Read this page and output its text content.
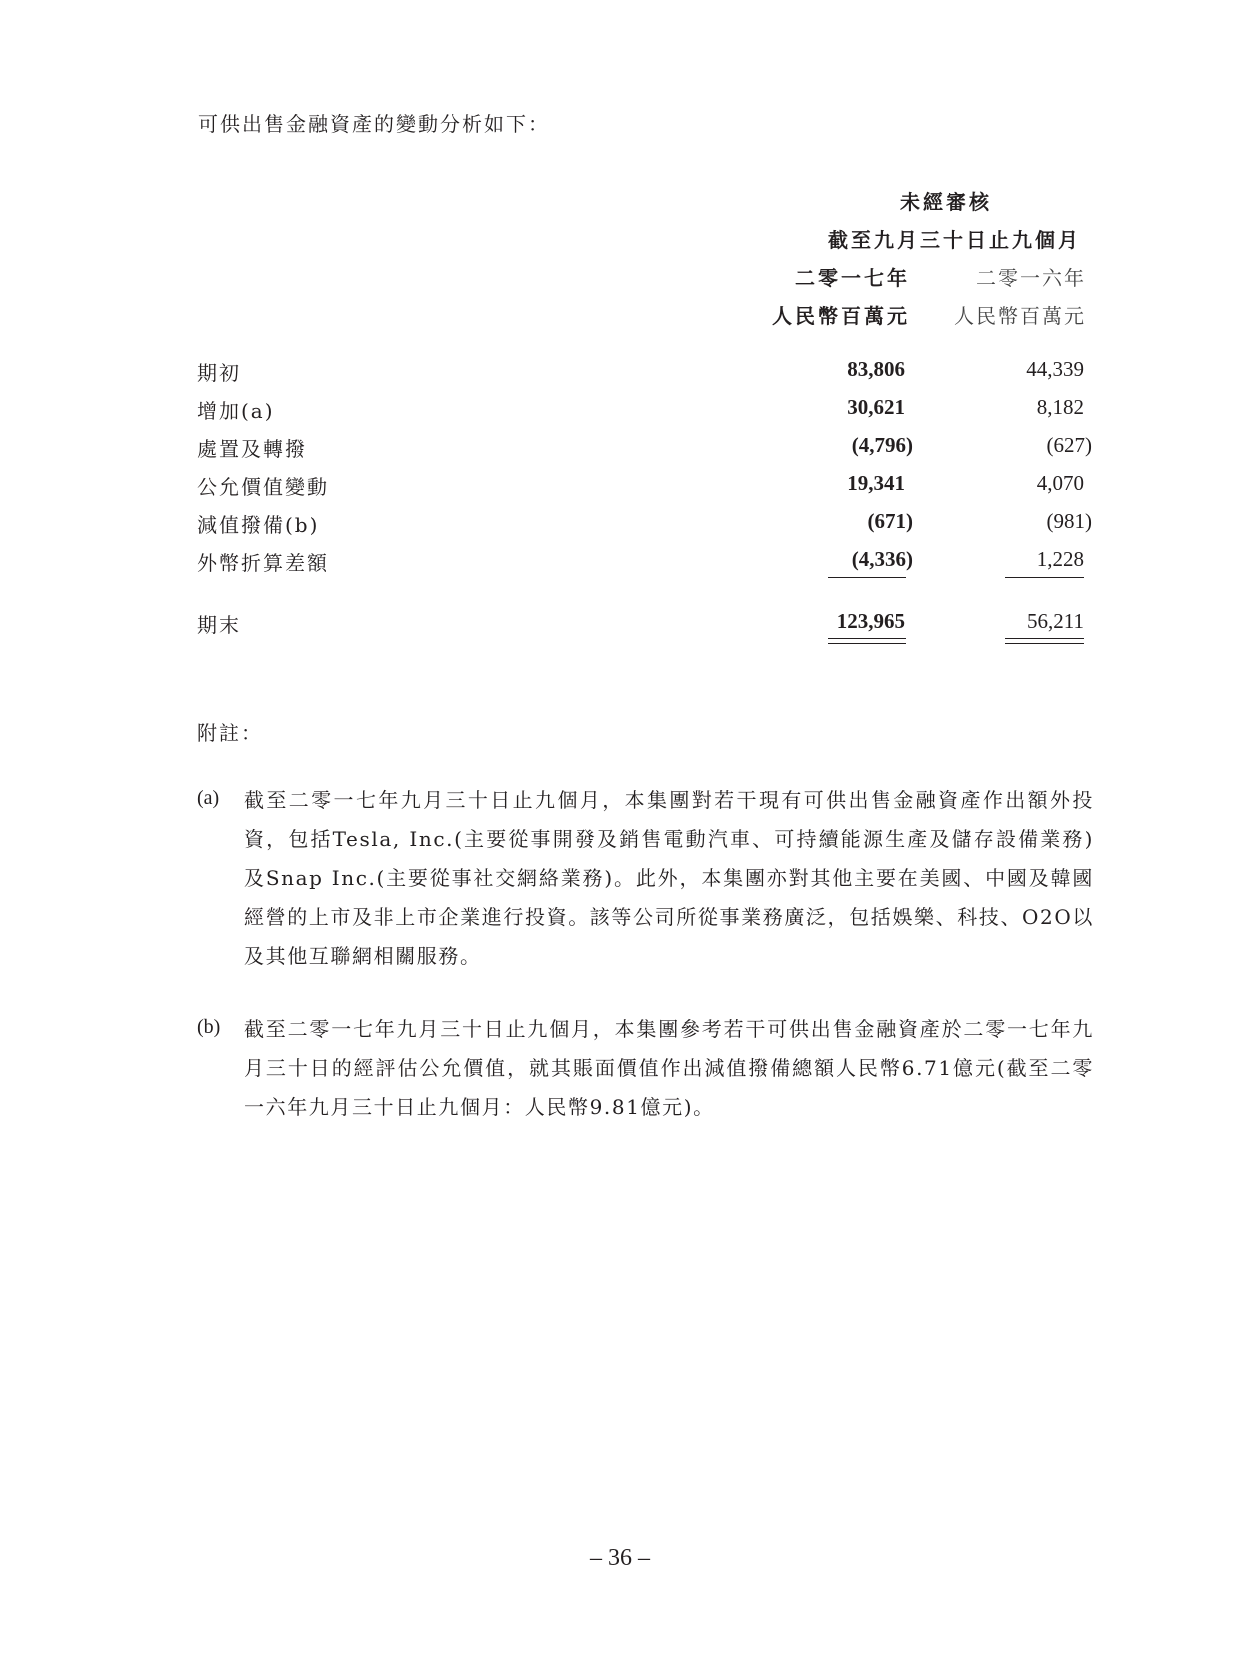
可供出售金融資產的變動分析如下：
未經審核
截至九月三十日止九個月
二零一七年	二零一六年
人民幣百萬元 人民幣百萬元
期初	83,806	44,339
增加(a)	30,621	8,182
處置及轉撥	(4,796)	(627)
公允價值變動	19,341	4,070
減值撥備(b)	(671)	(981)
外幣折算差額	(4,336)	1,228
期末	123,965	56,211
附註：
(a) 截至二零一七年九月三十日止九個月，本集團對若干現有可供出售金融資產作出額外投資，包括Tesla, Inc.(主要從事開發及銷售電動汽車、可持續能源生產及儲存設備業務)及Snap Inc.(主要從事社交網絡業務)。此外，本集團亦對其他主要在美國、中國及韓國經營的上市及非上市企業進行投資。該等公司所從事業務廣泛，包括娛樂、科技、O2O以及其他互聯網相關服務。
(b) 截至二零一七年九月三十日止九個月，本集團參考若干可供出售金融資產於二零一七年九月三十日的經評估公允價值，就其賬面價值作出減值撥備總額人民幣6.71億元(截至二零一六年九月三十日止九個月：人民幣9.81億元)。
– 36 –
